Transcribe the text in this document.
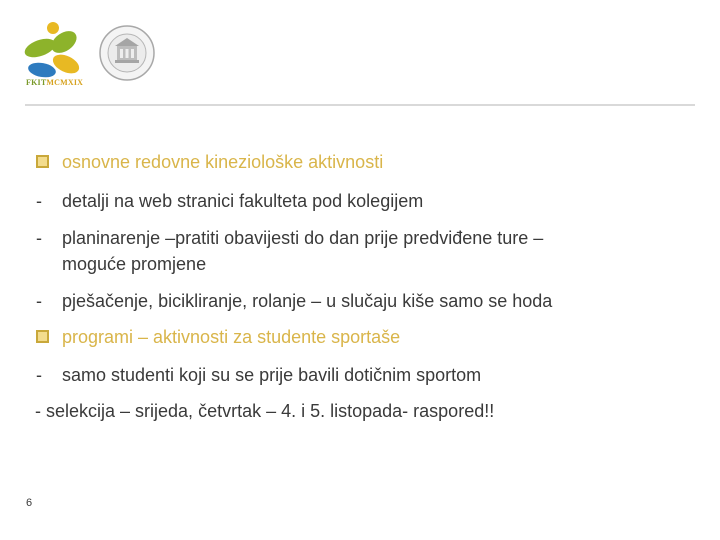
FKITMCMXIX
osnovne redovne kineziološke aktivnosti
-	detalji na web stranici fakulteta pod kolegijem
-	planinarenje –pratiti obavijesti do dan prije predviđene ture –
moguće promjene
-	pješačenje, bicikliranje, rolanje – u slučaju kiše samo se hoda
programi – aktivnosti za studente sportaše
-	samo studenti koji su se prije bavili dotičnim sportom
- selekcija – srijeda, četvrtak – 4. i 5. listopada- raspored!!
6
